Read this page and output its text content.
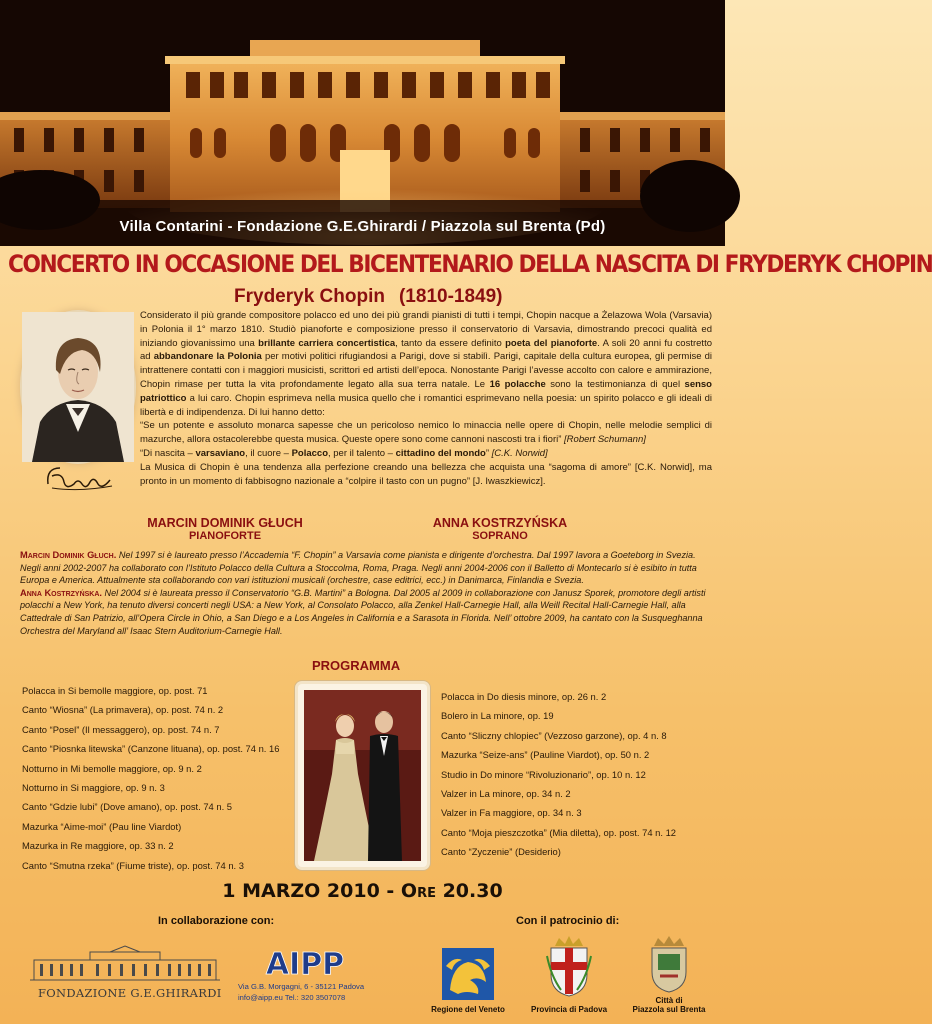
Villa Contarini - Fondazione G.E.Ghirardi / Piazzola sul Brenta (Pd)
CONCERTO IN OCCASIONE DEL BICENTENARIO DELLA NASCITA DI FRYDERYK CHOPIN
Fryderyk Chopin (1810-1849)

Considerato il più grande compositore polacco ed uno dei più grandi pianisti di tutti i tempi, Chopin nacque a Żelazowa Wola (Varsavia) in Polonia il 1° marzo 1810. Studiò pianoforte e composizione presso il conservatorio di Varsavia, dimostrando precoci qualità ed iniziando giovanissimo una brillante carriera concertistica, tanto da essere definito poeta del pianoforte. A soli 20 anni fu costretto ad abbandonare la Polonia per motivi politici rifugiandosi a Parigi, dove si stabilì. Parigi, capitale della cultura europea, gli permise di intrattenere contatti con i maggiori musicisti, scrittori ed artisti dell’epoca. Nonostante Parigi l’avesse accolto con calore e ammirazione, Chopin rimase per tutta la vita profondamente legato alla sua terra natale. Le 16 polacche sono la testimonianza di quel senso patriottico a lui caro. Chopin esprimeva nella musica quello che i romantici esprimevano nella poesia: un spirito polacco e gli ideali di libertà e di indipendenza. Di lui hanno detto:

“Se un potente e assoluto monarca sapesse che un pericoloso nemico lo minaccia nelle opere di Chopin, nelle melodie semplici di mazurche, allora ostacolerebbe questa musica. Queste opere sono come cannoni nascosti tra i fiori” [Robert Schumann]

“Di nascita – varsaviano, il cuore – Polacco, per il talento – cittadino del mondo” [C.K. Norwid]

La Musica di Chopin è una tendenza alla perfezione creando una bellezza che acquista una “sagoma di amore” [C.K. Norwid], ma pronto in un momento di fabbisogno nazionale a “colpire il tasto con un pugno” [J. Iwaszkiewicz].

MARCIN DOMINIK GŁUCH
PIANOFORTE
ANNA KOSTRZYŃSKA
SOPRANO

Marcin Dominik Głuch. Nel 1997 si è laureato presso l’Accademia “F. Chopin” a Varsavia come pianista e dirigente d’orchestra. Dal 1997 lavora a Goeteborg in Svezia. Negli anni 2002-2007 ha collaborato con l’Istituto Polacco della Cultura a Stoccolma, Roma, Praga. Negli anni 2004-2006 con il Balletto di Montecarlo si è esibito in tutta Europa e America. Attualmente sta collaborando con vari istituzioni musicali (orchestre, case editrici, ecc.) in Danimarca, Finlandia e Svezia.

Anna Kostrzyńska. Nel 2004 si è laureata presso il Conservatorio “G.B. Martini” a Bologna. Dal 2005 al 2009 in collaborazione con Janusz Sporek, promotore degli artisti polacchi a New York, ha tenuto diversi concerti negli USA: a New York, al Consolato Polacco, alla Zenkel Hall-Carnegie Hall, alla Weill Recital Hall-Carnegie Hall, alla Cattedrale di San Patrizio, all’Opera Circle in Ohio, a San Diego e a Los Angeles in California e a Sarasota in Florida. Nell’ ottobre 2009, ha cantato con la Susqueghanna Orchestra del Maryland all’ Isaac Stern Auditorium-Carnegie Hall.

PROGRAMMA
Polacca in Si bemolle maggiore, op. post. 71
Canto “Wiosna” (La primavera), op. post. 74 n. 2
Canto “Posel” (Il messaggero), op. post. 74 n. 7
Canto “Piosnka litewska” (Canzone lituana), op. post. 74 n. 16
Notturno in Mi bemolle maggiore, op. 9 n. 2
Notturno in Si maggiore, op. 9 n. 3
Canto “Gdzie lubi” (Dove amano), op. post. 74 n. 5
Mazurka “Aime-moi” (Pau line Viardot)
Mazurka in Re maggiore, op. 33 n. 2
Canto “Smutna rzeka” (Fiume triste), op. post. 74 n. 3
Polacca in Do diesis minore, op. 26 n. 2
Bolero in La minore, op. 19
Canto “Sliczny chlopiec” (Vezzoso garzone), op. 4 n. 8
Mazurka “Seize-ans” (Pauline Viardot), op. 50 n. 2
Studio in Do minore “Rivoluzionario”, op. 10 n. 12
Valzer in La minore, op. 34 n. 2
Valzer in Fa maggiore, op. 34 n. 3
Canto “Moja pieszczotka” (Mia diletta), op. post. 74 n. 12
Canto “Zyczenie” (Desiderio)
1 MARZO 2010 - Ore 20.30
In collaborazione con:	Con il patrocinio di:
FONDAZIONE G.E.GHIRARDI
AIPP
Via G.B. Morgagni, 6 - 35121 Padova
info@aipp.eu Tel.: 320 3507078
Regione del Veneto	Provincia di Padova
Città di
Piazzola sul Brenta
